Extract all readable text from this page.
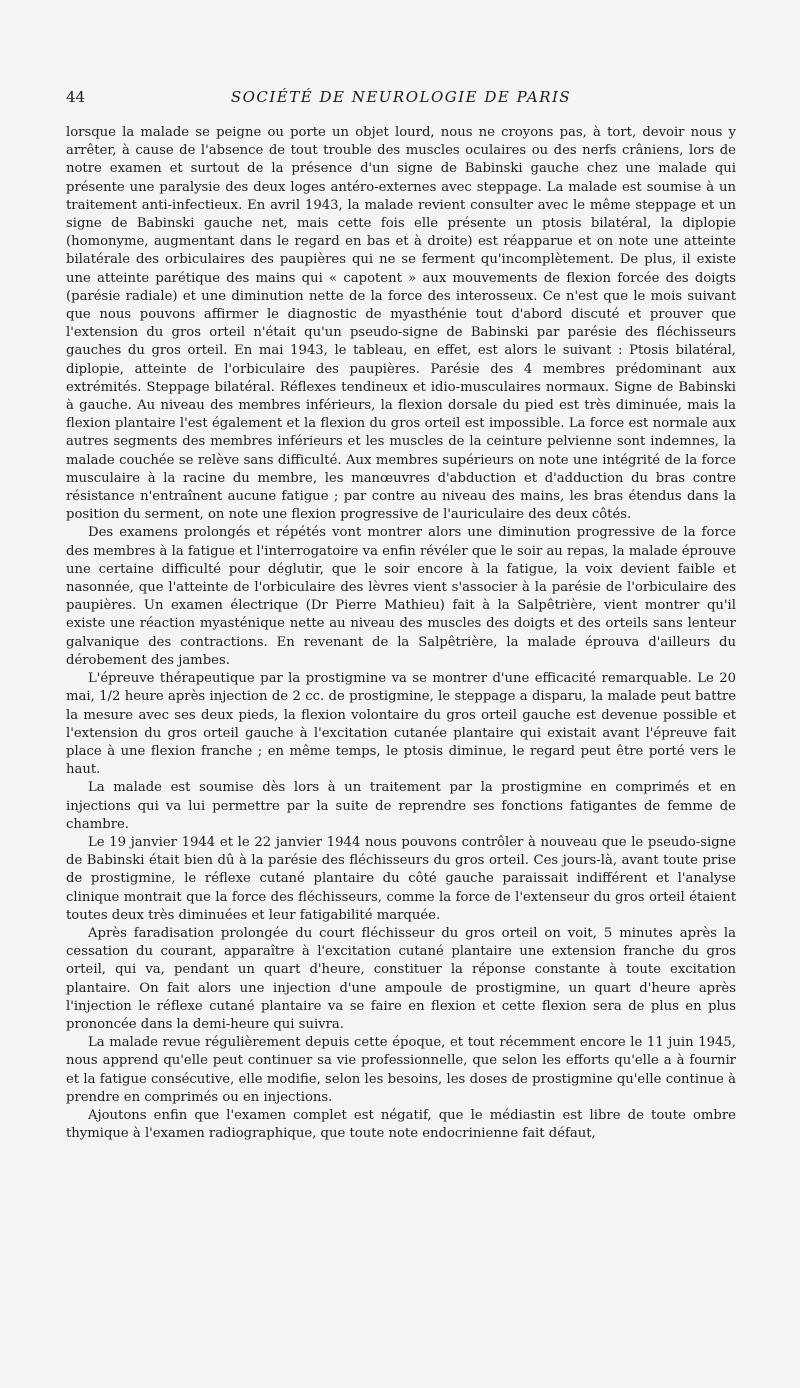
44	SOCIÉTÉ DE NEUROLOGIE DE PARIS

lorsque la malade se peigne ou porte un objet lourd, nous ne croyons pas, à tort, devoir nous y arrêter, à cause de l'absence de tout trouble des muscles oculaires ou des nerfs crâniens, lors de notre examen et surtout de la présence d'un signe de Babinski gauche chez une malade qui présente une paralysie des deux loges antéro-externes avec steppage. La malade est soumise à un traitement anti-infectieux. En avril 1943, la malade revient consulter avec le même steppage et un signe de Babinski gauche net, mais cette fois elle présente un ptosis bilatéral, la diplopie (homonyme, augmentant dans le regard en bas et à droite) est réapparue et on note une atteinte bilatérale des orbiculaires des paupières qui ne se ferment qu'incomplètement. De plus, il existe une atteinte parétique des mains qui « capotent » aux mouvements de flexion forcée des doigts (parésie radiale) et une diminution nette de la force des interosseux. Ce n'est que le mois suivant que nous pouvons affirmer le diagnostic de myasthénie tout d'abord discuté et prouver que l'extension du gros orteil n'était qu'un pseudo-signe de Babinski par parésie des fléchisseurs gauches du gros orteil. En mai 1943, le tableau, en effet, est alors le suivant : Ptosis bilatéral, diplopie, atteinte de l'orbiculaire des paupières. Parésie des 4 membres prédominant aux extrémités. Steppage bilatéral. Réflexes tendineux et idio-musculaires normaux. Signe de Babinski à gauche. Au niveau des membres inférieurs, la flexion dorsale du pied est très diminuée, mais la flexion plantaire l'est également et la flexion du gros orteil est impossible. La force est normale aux autres segments des membres inférieurs et les muscles de la ceinture pelvienne sont indemnes, la malade couchée se relève sans difficulté. Aux membres supérieurs on note une intégrité de la force musculaire à la racine du membre, les manœuvres d'abduction et d'adduction du bras contre résistance n'entraînent aucune fatigue ; par contre au niveau des mains, les bras étendus dans la position du serment, on note une flexion progressive de l'auriculaire des deux côtés.

Des examens prolongés et répétés vont montrer alors une diminution progressive de la force des membres à la fatigue et l'interrogatoire va enfin révéler que le soir au repas, la malade éprouve une certaine difficulté pour déglutir, que le soir encore à la fatigue, la voix devient faible et nasonnée, que l'atteinte de l'orbiculaire des lèvres vient s'associer à la parésie de l'orbiculaire des paupières. Un examen électrique (Dr Pierre Mathieu) fait à la Salpêtrière, vient montrer qu'il existe une réaction myasténique nette au niveau des muscles des doigts et des orteils sans lenteur galvanique des contractions. En revenant de la Salpêtrière, la malade éprouva d'ailleurs du dérobement des jambes.

L'épreuve thérapeutique par la prostigmine va se montrer d'une efficacité remarquable. Le 20 mai, 1/2 heure après injection de 2 cc. de prostigmine, le steppage a disparu, la malade peut battre la mesure avec ses deux pieds, la flexion volontaire du gros orteil gauche est devenue possible et l'extension du gros orteil gauche à l'excitation cutanée plantaire qui existait avant l'épreuve fait place à une flexion franche ; en même temps, le ptosis diminue, le regard peut être porté vers le haut.

La malade est soumise dès lors à un traitement par la prostigmine en comprimés et en injections qui va lui permettre par la suite de reprendre ses fonctions fatigantes de femme de chambre.

Le 19 janvier 1944 et le 22 janvier 1944 nous pouvons contrôler à nouveau que le pseudo-signe de Babinski était bien dû à la parésie des fléchisseurs du gros orteil. Ces jours-là, avant toute prise de prostigmine, le réflexe cutané plantaire du côté gauche paraissait indifférent et l'analyse clinique montrait que la force des fléchisseurs, comme la force de l'extenseur du gros orteil étaient toutes deux très diminuées et leur fatigabilité marquée.

Après faradisation prolongée du court fléchisseur du gros orteil on voit, 5 minutes après la cessation du courant, apparaître à l'excitation cutané plantaire une extension franche du gros orteil, qui va, pendant un quart d'heure, constituer la réponse constante à toute excitation plantaire. On fait alors une injection d'une ampoule de prostigmine, un quart d'heure après l'injection le réflexe cutané plantaire va se faire en flexion et cette flexion sera de plus en plus prononcée dans la demi-heure qui suivra.

La malade revue régulièrement depuis cette époque, et tout récemment encore le 11 juin 1945, nous apprend qu'elle peut continuer sa vie professionnelle, que selon les efforts qu'elle a à fournir et la fatigue consécutive, elle modifie, selon les besoins, les doses de prostigmine qu'elle continue à prendre en comprimés ou en injections.

Ajoutons enfin que l'examen complet est négatif, que le médiastin est libre de toute ombre thymique à l'examen radiographique, que toute note endocrinienne fait défaut,
